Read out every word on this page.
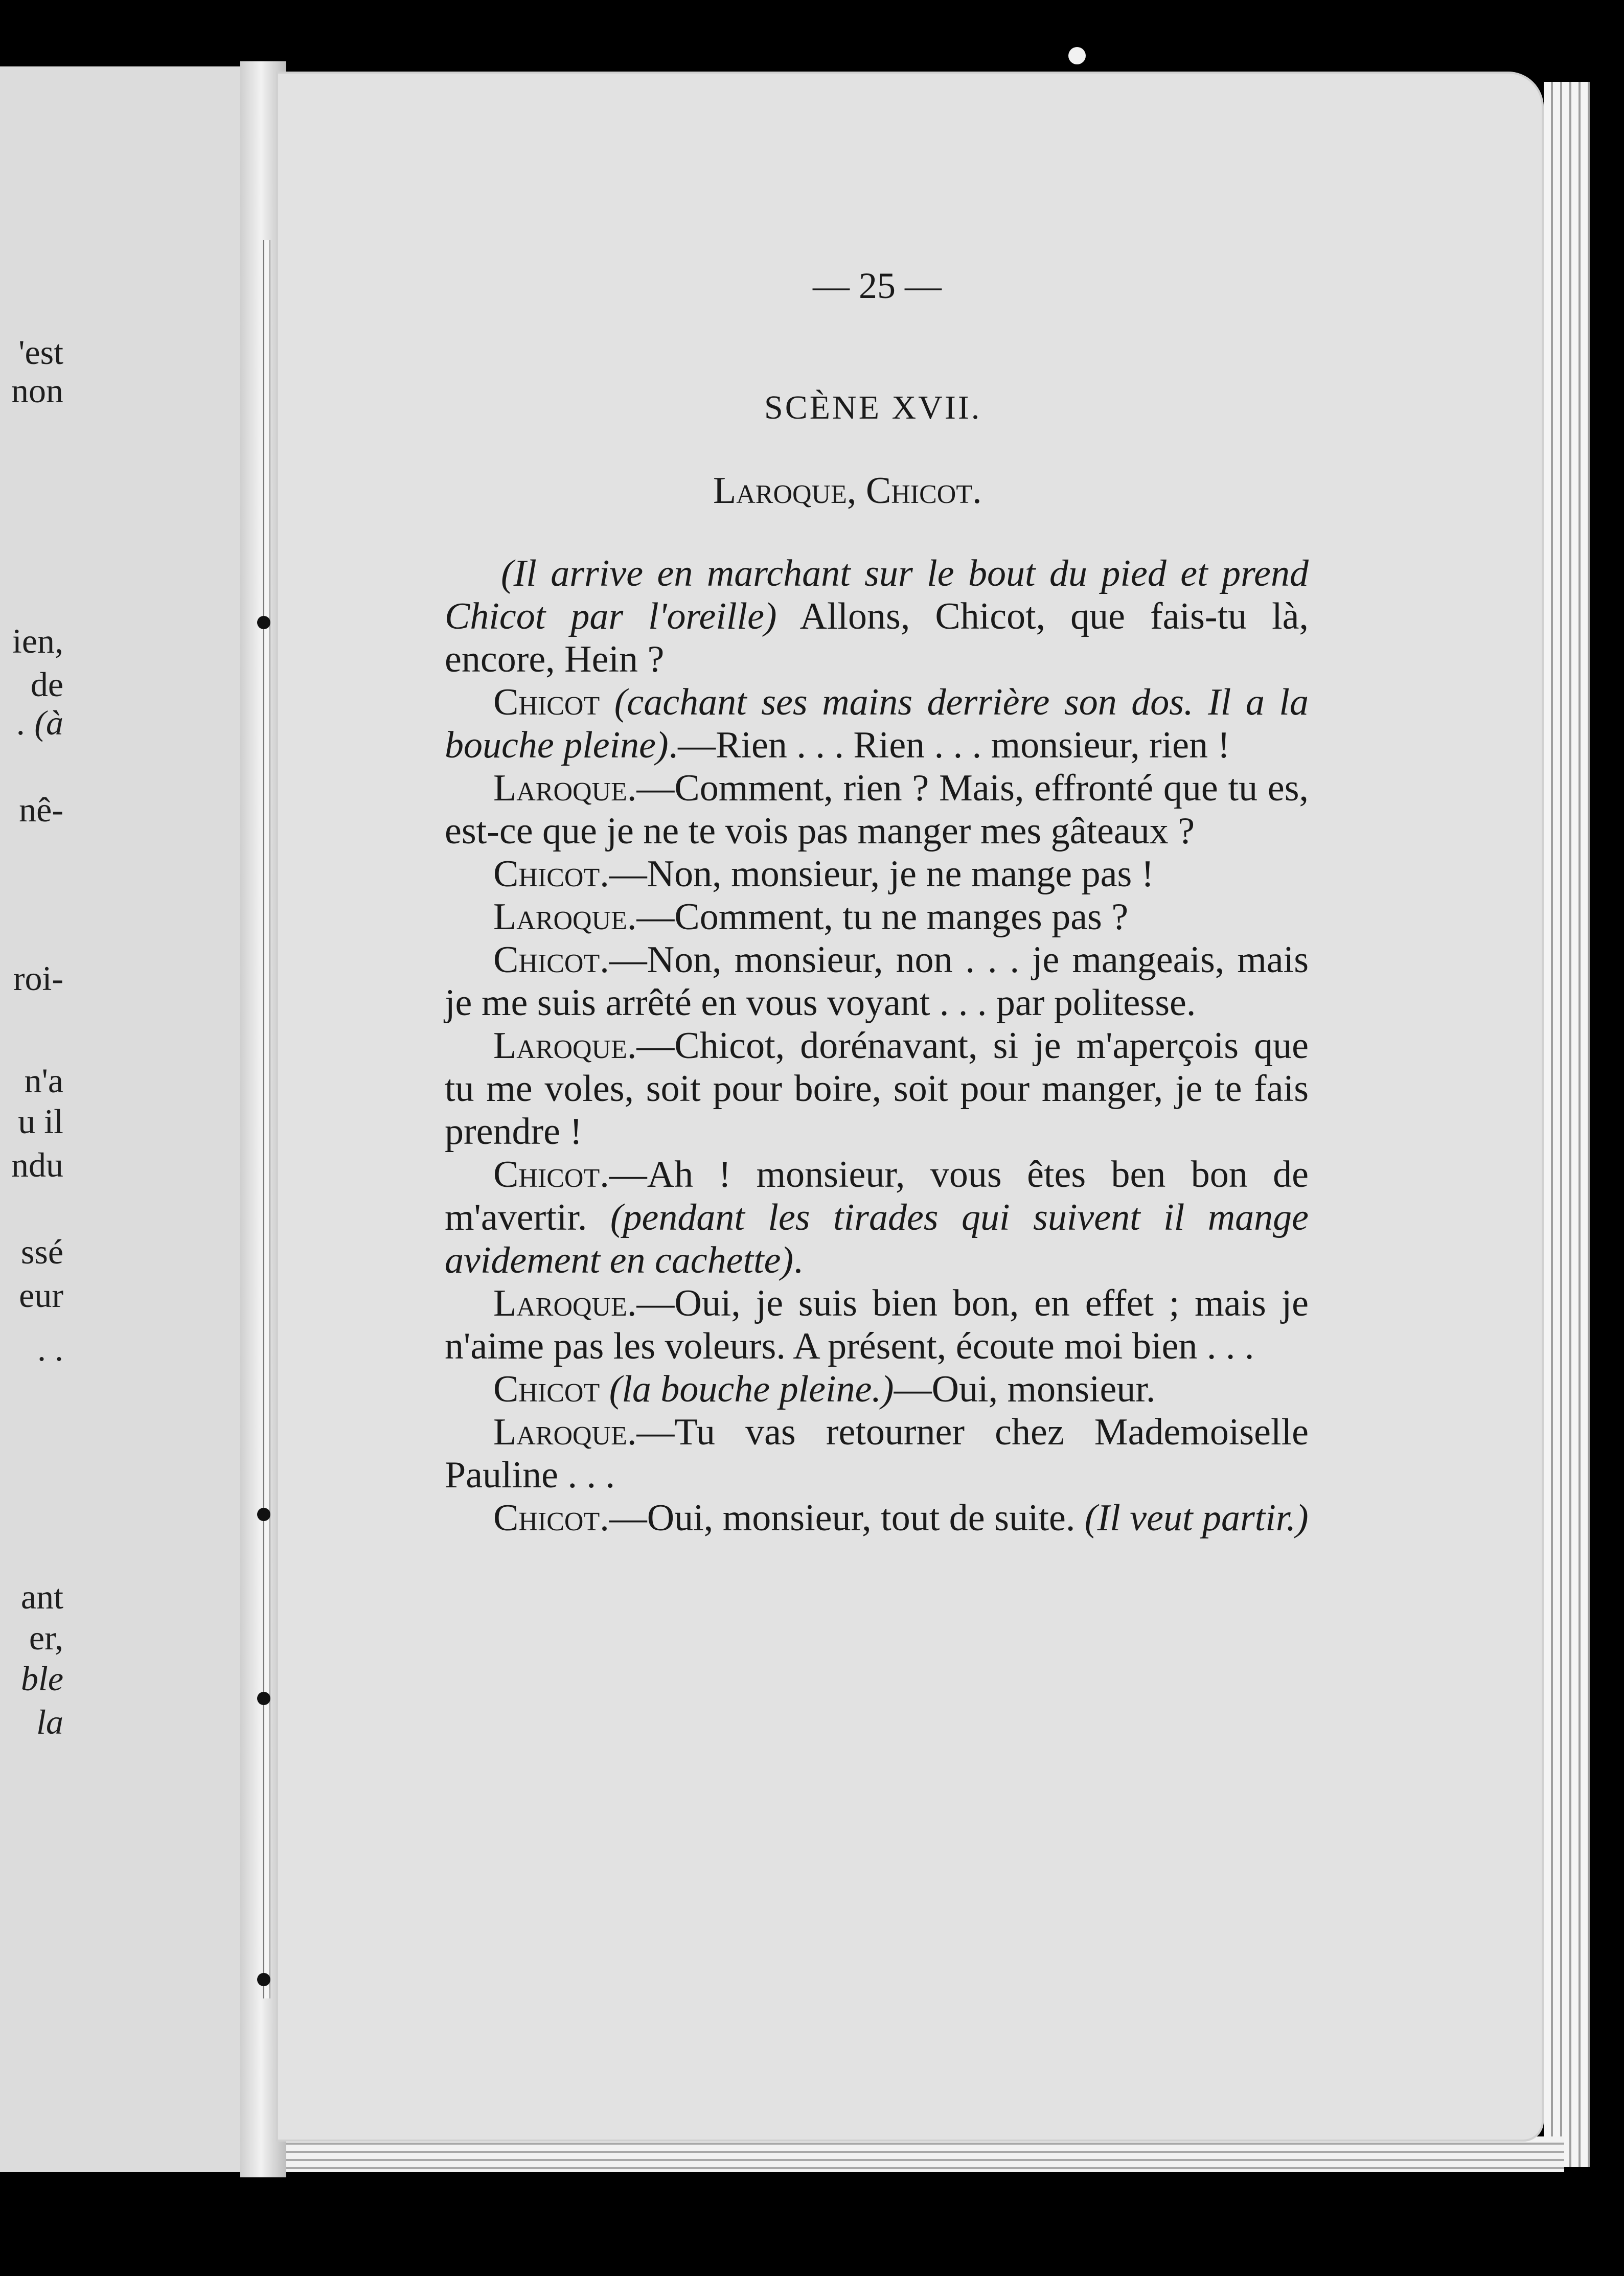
'est
non
ien,
de
. (à
nê-
roi-
n'a
u il
ndu
ssé
eur
. .
ant
er,
ble
la
— 25 —
SCÈNE XVII.
Laroque, Chicot.

(Il arrive en marchant sur le bout du pied et prend Chicot par l'oreille) Allons, Chicot, que fais-tu là, encore, Hein ?

Chicot (cachant ses mains derrière son dos. Il a la bouche pleine).—Rien . . . Rien . . . monsieur, rien !

Laroque.—Comment, rien ? Mais, effronté que tu es, est-ce que je ne te vois pas manger mes gâteaux ?

Chicot.—Non, monsieur, je ne mange pas !

Laroque.—Comment, tu ne manges pas ?

Chicot.—Non, monsieur, non . . . je mangeais, mais je me suis arrêté en vous voyant . . . par politesse.

Laroque.—Chicot, dorénavant, si je m'aperçois que tu me voles, soit pour boire, soit pour manger, je te fais prendre !

Chicot.—Ah ! monsieur, vous êtes ben bon de m'avertir. (pendant les tirades qui suivent il mange avidement en cachette).

Laroque.—Oui, je suis bien bon, en effet ; mais je n'aime pas les voleurs. A présent, écoute moi bien . . .

Chicot (la bouche pleine.)—Oui, monsieur.

Laroque.—Tu vas retourner chez Mademoiselle Pauline . . .

Chicot.—Oui, monsieur, tout de suite. (Il veut partir.)
